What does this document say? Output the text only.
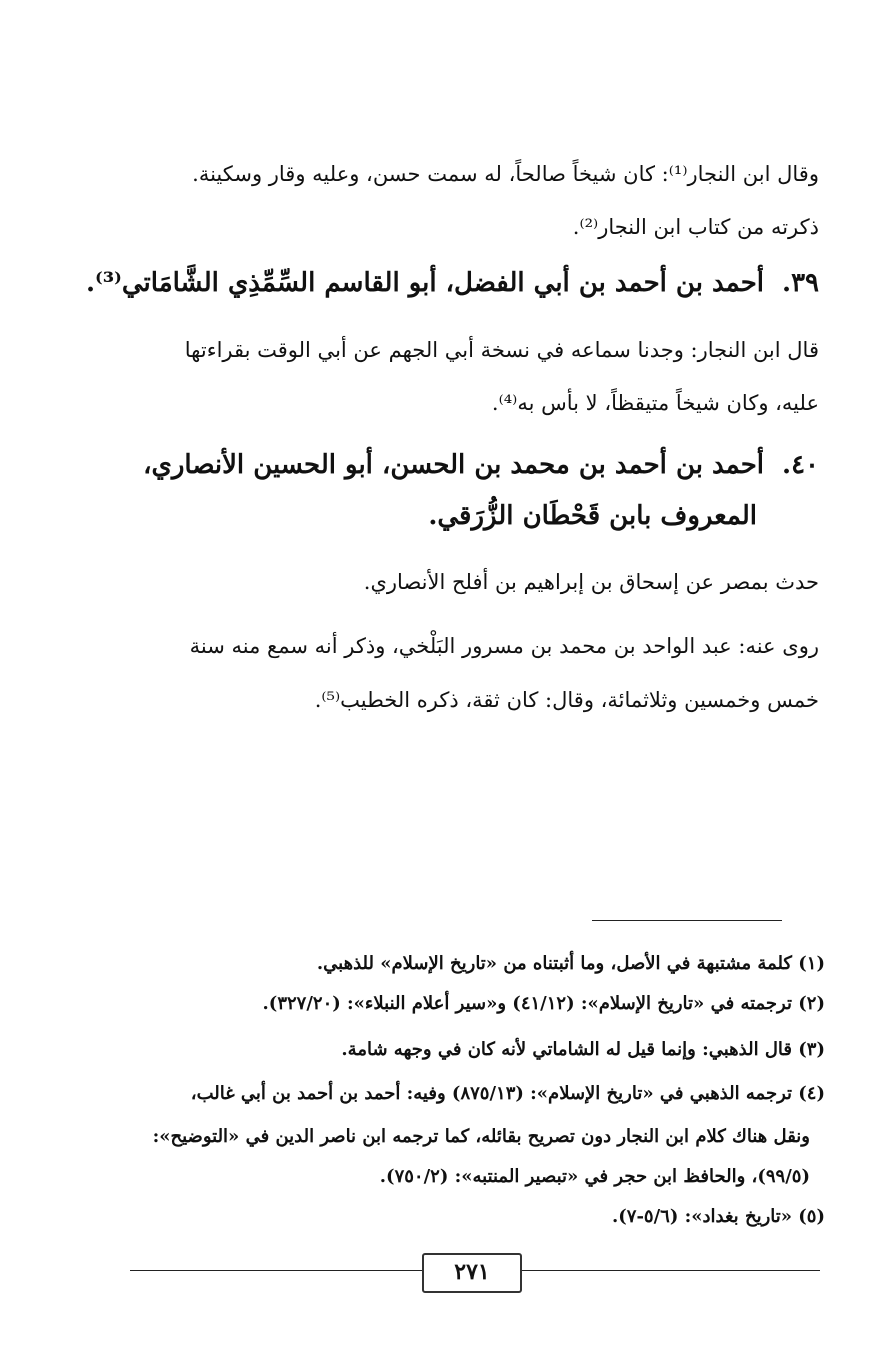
وقال ابن النجار⁽¹⁾: كان شيخاً صالحاً، له سمت حسن، وعليه وقار وسكينة.
ذكرته من كتاب ابن النجار⁽²⁾.
٣٩.أحمد بن أحمد بن أبي الفضل، أبو القاسم السِّمِّذِي الشَّامَاتي⁽³⁾.
قال ابن النجار: وجدنا سماعه في نسخة أبي الجهم عن أبي الوقت بقراءتها
عليه، وكان شيخاً متيقظاً، لا بأس به⁽⁴⁾.
٤٠.أحمد بن أحمد بن محمد بن الحسن، أبو الحسين الأنصاري،
المعروف بابن قَحْطَان الزُّرَقي.
حدث بمصر عن إسحاق بن إبراهيم بن أفلح الأنصاري.
روى عنه: عبد الواحد بن محمد بن مسرور البَلْخي، وذكر أنه سمع منه سنة
خمس وخمسين وثلاثمائة، وقال: كان ثقة، ذكره الخطيب⁽⁵⁾.
(١) كلمة مشتبهة في الأصل، وما أثبتناه من «تاريخ الإسلام» للذهبي.
(٢) ترجمته في «تاريخ الإسلام»: (٤١/١٢) و«سير أعلام النبلاء»: (٣٢٧/٢٠).
(٣) قال الذهبي: وإنما قيل له الشاماتي لأنه كان في وجهه شامة.
(٤) ترجمه الذهبي في «تاريخ الإسلام»: (٨٧٥/١٣) وفيه: أحمد بن أحمد بن أبي غالب،
ونقل هناك كلام ابن النجار دون تصريح بقائله، كما ترجمه ابن ناصر الدين في «التوضيح»:
(٩٩/٥)، والحافظ ابن حجر في «تبصير المنتبه»: (٧٥٠/٢).
(٥) «تاريخ بغداد»: (٥/٦-٧).
٢٧١
